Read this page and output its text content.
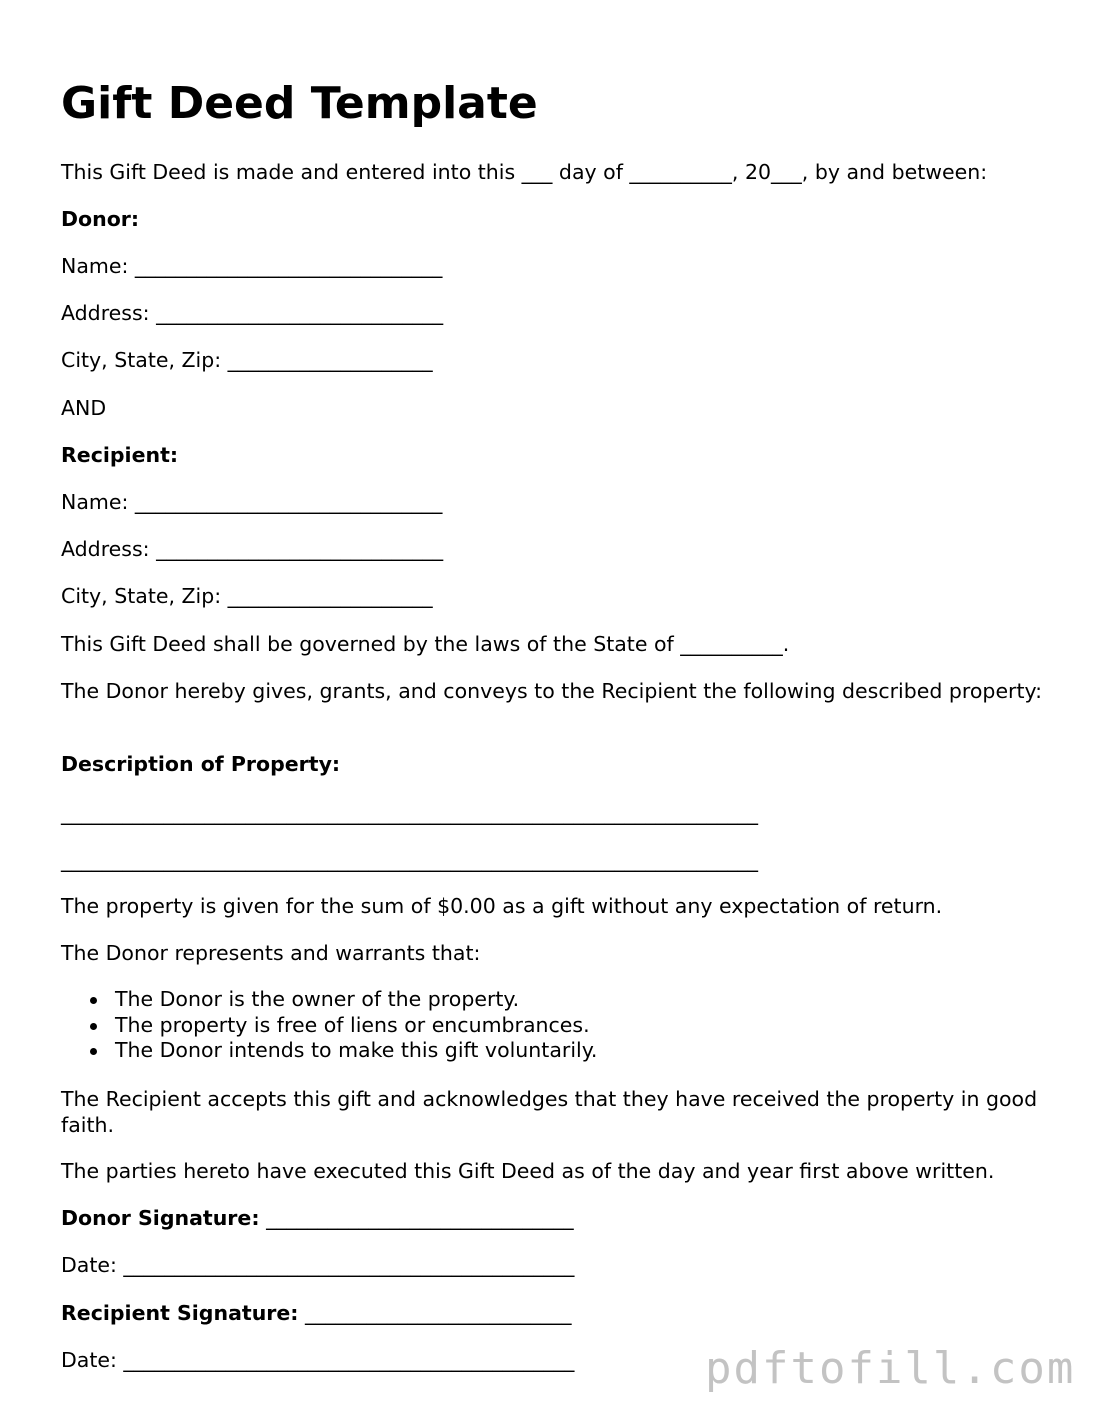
Gift Deed Template

This Gift Deed is made and entered into this ___ day of __________, 20___, by and between:

Donor:

Name: ______________________________

Address: ____________________________

City, State, Zip: ____________________

AND

Recipient:

Name: ______________________________

Address: ____________________________

City, State, Zip: ____________________

This Gift Deed shall be governed by the laws of the State of __________.

The Donor hereby gives, grants, and conveys to the Recipient the following described property:

Description of Property:

____________________________________________________________________

____________________________________________________________________

The property is given for the sum of $0.00 as a gift without any expectation of return.

The Donor represents and warrants that:

The Donor is the owner of the property.
The property is free of liens or encumbrances.
The Donor intends to make this gift voluntarily.

The Recipient accepts this gift and acknowledges that they have received the property in good faith.

The parties hereto have executed this Gift Deed as of the day and year first above written.

Donor Signature: ______________________________

Date: ____________________________________________

Recipient Signature: __________________________

Date: ____________________________________________	pdftofill.com
